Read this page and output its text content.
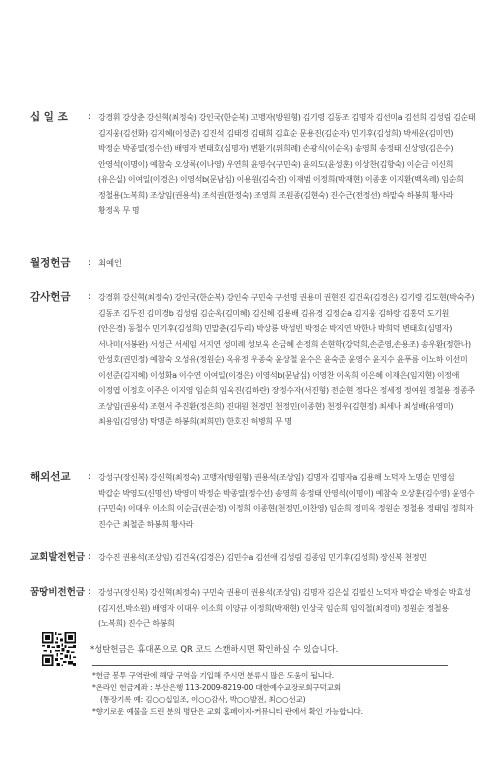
십 일 조	: 강경휘 강상춘 강신혁(최정숙) 강인국(한순복) 고맹자(방원형) 김기령 김동조 김명자 김선미a 김선희 김성림 김순태 김지웅(김선화) 김지혜(이성준) 김진석 김태경 김태희 김효순 문용진(김순자) 민기후(김성희) 박세운(김미연) 박정순 박종열(정수선) 배영자 변태호(심명자) 변환기(위희례) 손광식(이순옥) 송영희 송정태 신상영(김은수) 안영석(이명이) 예참숙 오상록(이나영) 우연희 윤영수(구민숙) 윤의도(윤성훈) 이상찬(김향숙) 이순금 이신희(유은실) 이여일(이경은) 이영석b(문남심) 이용원(김숙진) 이재범 이정희(박재현) 이종훈 이지환(백옥례) 임순희 정철용(노복희) 조상임(권용석) 조석권(한정숙) 조영희 조원종(김현숙) 진수근(전정선) 하맡숙 하봉희 황사라 황정옥 무 명
월정헌금	: 최예인
감사헌금	: 강경휘 강신혁(최정숙) 강인국(한순복) 강인숙 구민숙 구선명 권용미 권현진 김건욱(김경은) 김기령 김도현(박숙주) 김동조 김두진 김미경b 김성림 김순옥(김미혜) 김신혜 김용배 김유경 김정순a 김지웅 김하랑 김홍덕 도기원(안은경) 동철수 민기후(김성희) 민말춘(김두리) 박상룡 박성빈 박정순 박지연 박한나 박희덕 변태호(심명자) 서나미(서봉완) 서성근 서세임 서지연 성미례 성보욱 손금혜 손정희 손현학(강덕희,손준영,손용조) 송우환(정한나) 안성호(권민정) 예참숙 오성유(정원순) 옥유정 우종숙 윤상철 윤수은 윤숙준 윤영수 윤지수 윤푸름 이노하 이선미 이선준(김지혜) 이성화a 이수연 이여일(이경은) 이영석b(문남심) 이영찬 이옥희 이은혜 이재은(임지현) 이정애 이정엽 이정호 이주은 이지영 임순희 임욱진(김하란) 장정수자(서진형) 전순현 정다은 정세정 정여원 정철용 정종주 조상임(권용석) 조현서 주진환(정은희) 진대원 천경민 천정민(이종현) 천정우(김현정) 최세나 최성배(유영미) 최용임(김영상) 탁명준 하봉희(최희민) 한호진 허병희 무 명
해외선교	: 강성구(장신복) 강신혁(최정숙) 고맹자(방원형) 권용석(조상임) 김명자 김명자a 김용해 노덕자 노명순 민영심 박갑순 박영도(신명선) 박영미 박정순 박종열(정수선) 송영희 송정태 안영석(이명이) 예참숙 오상훈(김수영) 윤영수(구민숙) 이대우 이소희 이순금(권순정) 이정희 이종현(천정민,이찬영) 임순희 정미옥 정원순 정철용 정태임 정희자 진수근 최철준 하봉희 황사라
교회발전헌금 : 강수진 권용석(조상임) 김건욱(김경은) 김민수a 김선애 김성림 김종임 민기후(김성희) 장신복 천정민
꿈땅비전헌금 : 강성구(장신복) 강신혁(최정숙) 구민숙 권용미 권용석(조상임) 김명자 김은실 김필신 노덕자 박갑순 박정순 박효성(김지선,박소원) 배영자 이대우 이소희 이양규 이정희(박재현) 인상국 임순희 임익철(최경미) 정원순 정철용(노복희) 진수근 하봉희
*성탄헌금은 휴대폰으로 QR 코드 스캔하시면 확인하실 수 있습니다.
*헌금 봉투 구역란에 해당 구역을 기입해 주시면 분류시 많은 도움이 됩니다.
*온라인 헌금계좌 : 부산은행 113-2009-8219-00 대한예수교장로회구덕교회
(통장기록 예: 김○○십일조, 이○○감사, 박○○발전, 최○○선교)
*향기로운 예물을 드린 분의 명단은 교회 홈페이지-커뮤니티 란에서 확인 가능합니다.
